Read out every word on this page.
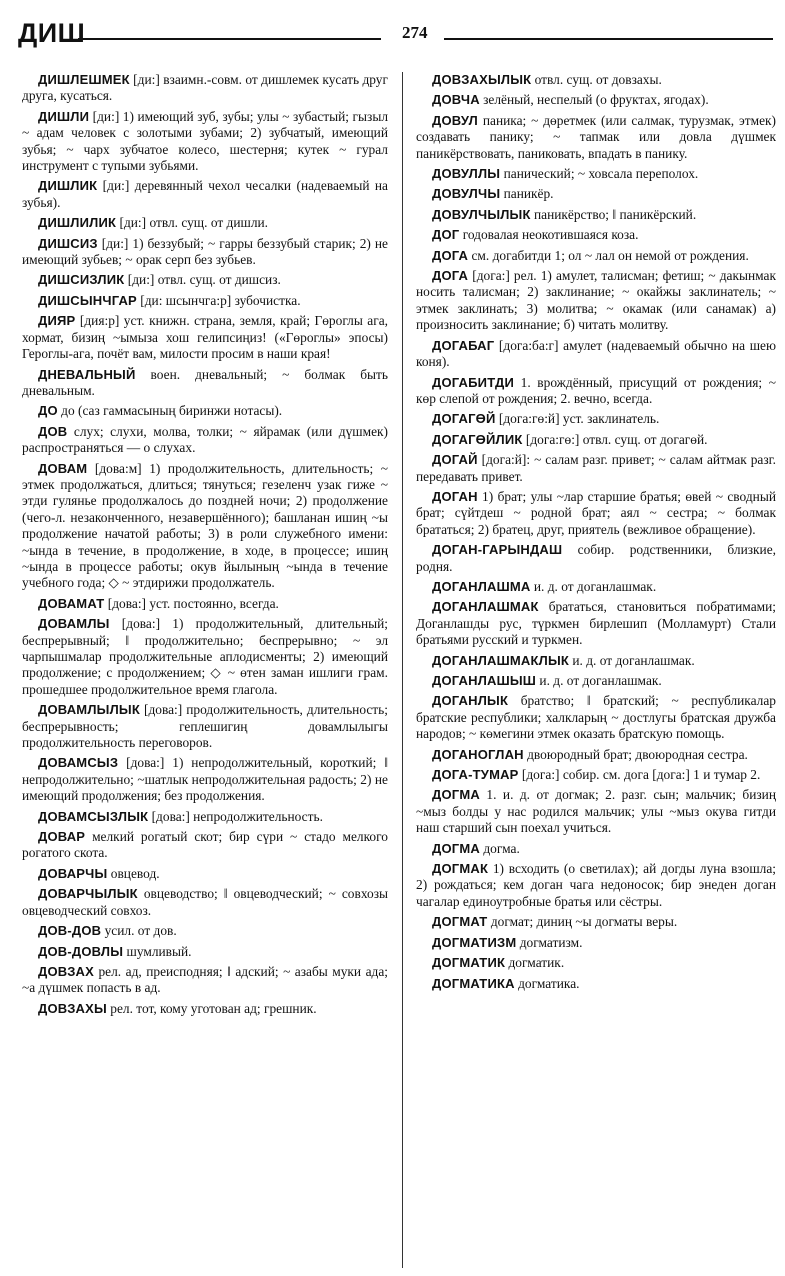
ДИШ	274

ДИШЛЕШМЕК [ди:] взаимн.-совм. от дишлемек кусать друг друга, кусаться.

ДИШЛИ [ди:] 1) имеющий зуб, зубы; улы ~ зубастый; гызыл ~ адам человек с золотыми зубами; 2) зубчатый, имеющий зубья; ~ чарх зубчатое колесо, шестерня; кутек ~ гурал инструмент с тупыми зубьями.

ДИШЛИК [ди:] деревянный чехол чесалки (надеваемый на зубья).

ДИШЛИЛИК [ди:] отвл. сущ. от дишли.

ДИШСИЗ [ди:] 1) беззубый; ~ гарры беззубый старик; 2) не имеющий зубьев; ~ орак серп без зубьев.

ДИШСИЗЛИК [ди:] отвл. сущ. от дишсиз.

ДИШСЫНЧГАР [ди: шсынчга:р] зубочистка.

ДИЯР [дия:р] уст. книжн. страна, земля, край; Гөроглы ага, хормат, бизиң ~ымыза хош гелипсиңиз! («Гөроглы» эпосы) Героглы-ага, почёт вам, милости просим в наши края!

ДНЕВАЛЬНЫЙ воен. дневальный; ~ болмак быть дневальным.

ДО до (саз гаммасының биринжи нотасы).

ДОВ слух; слухи, молва, толки; ~ яйрамак (или дүшмек) распространяться — о слухах.

ДОВАМ [дова:м] 1) продолжительность, длительность; ~ этмек продолжаться, длиться; тянуться; гезеленч узак гиже ~ этди гулянье продолжалось до поздней ночи; 2) продолжение (чего-л. незаконченного, незавершённого); башланан ишиң ~ы продолжение начатой работы; 3) в роли служебного имени: ~ында в течение, в продолжение, в ходе, в процессе; ишиң ~ында в процессе работы; окув йылының ~ында в течение учебного года; ◇ ~ этдирижи продолжатель.

ДОВАМАТ [дова:] уст. постоянно, всегда.

ДОВАМЛЫ [дова:] 1) продолжительный, длительный; беспрерывный; ‖ продолжительно; беспрерывно; ~ эл чарпышмалар продолжительные аплодисменты; 2) имеющий продолжение; с продолжением; ◇ ~ өтен заман ишлиги грам. прошедшее продолжительное время глагола.

ДОВАМЛЫЛЫК [дова:] продолжительность, длительность; беспрерывность; геплешигиң довамлылыгы продолжительность переговоров.

ДОВАМСЫЗ [дова:] 1) непродолжительный, короткий; ‖ непродолжительно; ~шатлык непродолжительная радость; 2) не имеющий продолжения; без продолжения.

ДОВАМСЫЗЛЫК [дова:] непродолжительность.

ДОВАР мелкий рогатый скот; бир сүри ~ стадо мелкого рогатого скота.

ДОВАРЧЫ овцевод.

ДОВАРЧЫЛЫК овцеводство; ‖ овцеводческий; ~ совхозы овцеводческий совхоз.

ДОВ-ДОВ усил. от дов.

ДОВ-ДОВЛЫ шумливый.

ДОВЗАХ рел. ад, преисподняя; ‖ адский; ~ азабы муки ада; ~а дүшмек попасть в ад.

ДОВЗАХЫ рел. тот, кому уготован ад; грешник.

ДОВЗАХЫЛЫК отвл. сущ. от довзахы.

ДОВЧА зелёный, неспелый (о фруктах, ягодах).

ДОВУЛ паника; ~ дөретмек (или салмак, турузмак, этмек) создавать панику; ~ тапмак или довла дүшмек паникёрствовать, паниковать, впадать в панику.

ДОВУЛЛЫ панический; ~ ховсала переполох.

ДОВУЛЧЫ паникёр.

ДОВУЛЧЫЛЫК паникёрство; ‖ паникёрский.

ДОГ годовалая неокотившаяся коза.

ДОГА см. догабитди 1; ол ~ лал он немой от рождения.

ДОГА [дога:] рел. 1) амулет, талисман; фетиш; ~ дакынмак носить талисман; 2) заклинание; ~ окайжы заклинатель; ~ этмек заклинать; 3) молитва; ~ окамак (или санамак) а) произносить заклинание; б) читать молитву.

ДОГАБАГ [дога:ба:г] амулет (надеваемый обычно на шею коня).

ДОГАБИТДИ 1. врождённый, присущий от рождения; ~ көр слепой от рождения; 2. вечно, всегда.

ДОГАГӨЙ [дога:гө:й] уст. заклинатель.

ДОГАГӨЙЛИК [дога:гө:] отвл. сущ. от догагөй.

ДОГАЙ [дога:й]: ~ салам разг. привет; ~ салам айтмак разг. передавать привет.

ДОГАН 1) брат; улы ~лар старшие братья; өвей ~ сводный брат; сүйтдеш ~ родной брат; аял ~ сестра; ~ болмак брататься; 2) братец, друг, приятель (вежливое обращение).

ДОГАН-ГАРЫНДАШ собир. родственники, близкие, родня.

ДОГАНЛАШМА и. д. от доганлашмак.

ДОГАНЛАШМАК брататься, становиться побратимами; Доганлашды рус, түркмен бирлешип (Молламурт) Стали братьями русский и туркмен.

ДОГАНЛАШМАКЛЫК и. д. от доганлашмак.

ДОГАНЛАШЫШ и. д. от доганлашмак.

ДОГАНЛЫК братство; ‖ братский; ~ республикалар братские республики; халкларың ~ достлугы братская дружба народов; ~ көмегини этмек оказать братскую помощь.

ДОГАНОГЛАН двоюродный брат; двоюродная сестра.

ДОГА-ТУМАР [дога:] собир. см. дога [дога:] 1 и тумар 2.

ДОГМА 1. и. д. от догмак; 2. разг. сын; мальчик; бизиң ~мыз болды у нас родился мальчик; улы ~мыз окува гитди наш старший сын поехал учиться.

ДОГМА догма.

ДОГМАК 1) всходить (о светилах); ай догды луна взошла; 2) рождаться; кем доган чага недоносок; бир энеден доган чагалар единоутробные братья или сёстры.

ДОГМАТ догмат; диниң ~ы догматы веры.

ДОГМАТИЗМ догматизм.

ДОГМАТИК догматик.

ДОГМАТИКА догматика.
